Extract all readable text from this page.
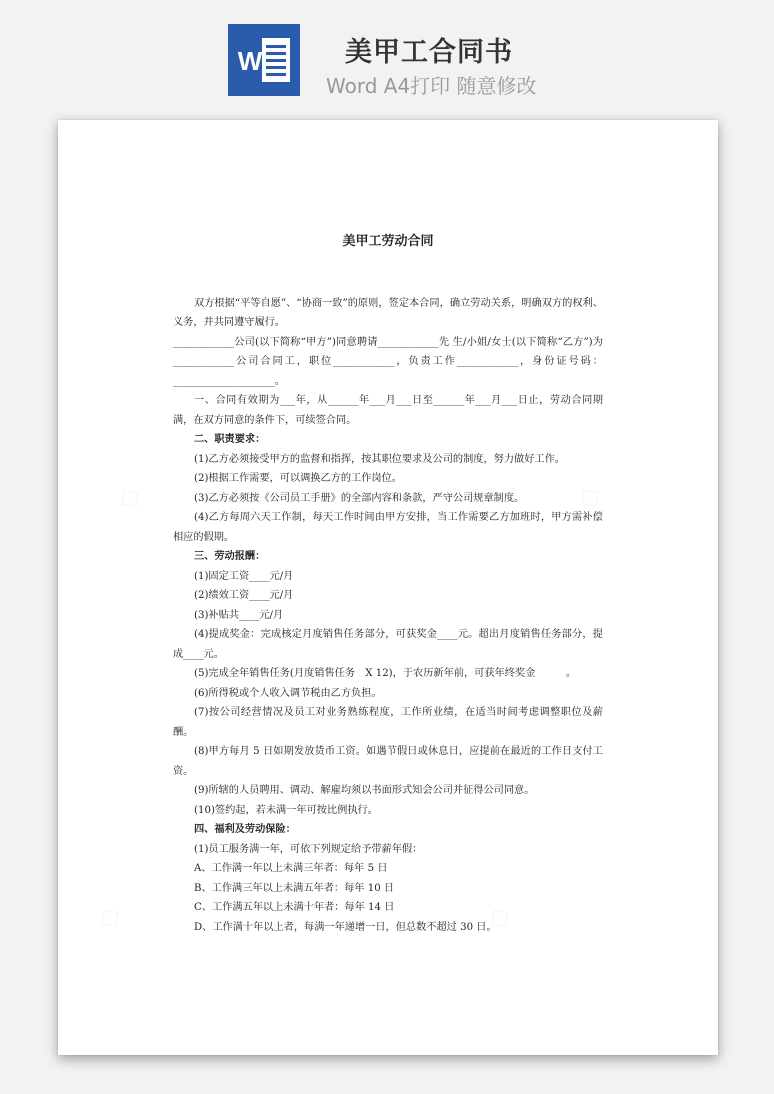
W	美甲工合同书
Word A4打印 随意修改
◇	◇
◇	◇
美甲工劳动合同

双方根据“平等自愿”、“协商一致”的原则，签定本合同，确立劳动关系，明确双方的权利、义务，并共同遵守履行。

____________公司(以下简称“甲方”)同意聘请____________先 生/小姐/女士(以下简称“乙方”)为____________公司合同工，职位____________，负责工作____________，身份证号码：____________________。

一、合同有效期为___年，从______年___月___日至______年___月___日止，劳动合同期满，在双方同意的条件下，可续签合同。

二、职责要求：

(1)乙方必须接受甲方的监督和指挥，按其职位要求及公司的制度，努力做好工作。

(2)根据工作需要，可以调换乙方的工作岗位。

(3)乙方必须按《公司员工手册》的全部内容和条款，严守公司规章制度。

(4)乙方每周六天工作制，每天工作时间由甲方安排，当工作需要乙方加班时，甲方需补偿相应的假期。

三、劳动报酬：

(1)固定工资____元/月

(2)绩效工资____元/月

(3)补贴共____元/月

(4)提成奖金：完成核定月度销售任务部分，可获奖金____元。超出月度销售任务部分，提成____元。

(5)完成全年销售任务(月度销售任务　X 12)，于农历新年前，可获年终奖金　　　。

(6)所得税或个人收入调节税由乙方负担。

(7)按公司经营情况及员工对业务熟练程度，工作所业绩，在适当时间考虑调整职位及薪酬。

(8)甲方每月 5 日如期发放货币工资。如遇节假日或休息日，应提前在最近的工作日支付工资。

(9)所辖的人员聘用、调动、解雇均须以书面形式知会公司并征得公司同意。

(10)签约起，若未满一年可按比例执行。

四、福利及劳动保险：

(1)员工服务满一年，可依下列规定给予带薪年假：

A、工作满一年以上未满三年者：每年 5 日

B、工作满三年以上未满五年者：每年 10 日

C、工作满五年以上未满十年者：每年 14 日

D、工作满十年以上者，每满一年递增一日，但总数不超过 30 日。
